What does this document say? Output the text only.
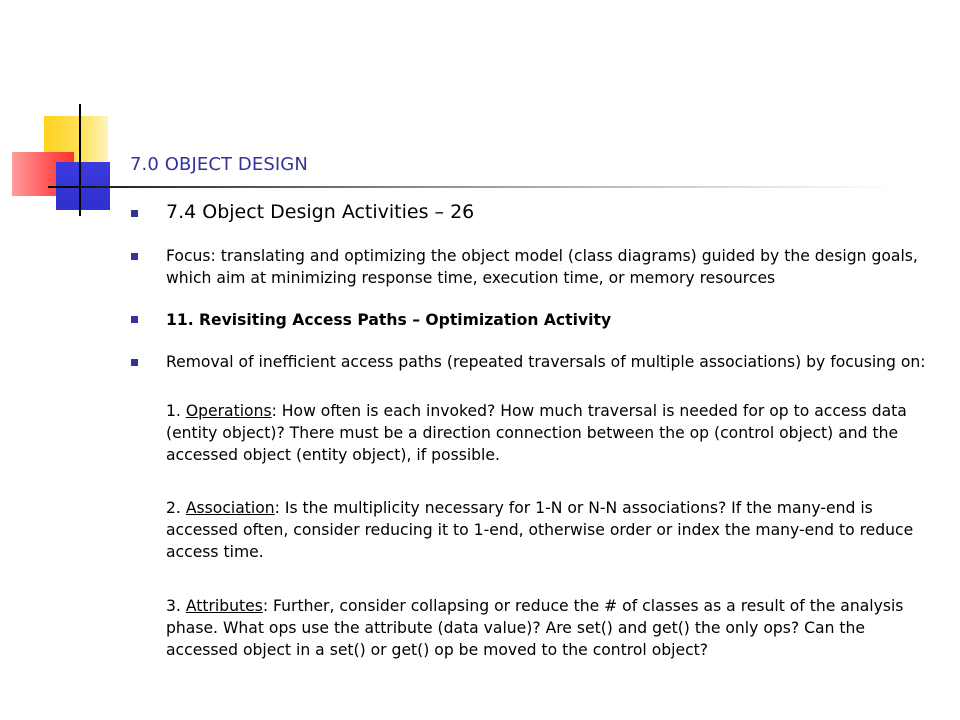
7.0 OBJECT DESIGN

7.4 Object Design Activities – 26

Focus: translating and optimizing the object model (class diagrams) guided by the design goals, which aim at minimizing response time, execution time, or memory resources

11. Revisiting Access Paths – Optimization Activity

Removal of inefficient access paths (repeated traversals of multiple associations) by focusing on:

1. Operations: How often is each invoked? How much traversal is needed for op to access data (entity object)? There must be a direction connection between the op (control object) and the accessed object (entity object), if possible.

2. Association: Is the multiplicity necessary for 1-N or N-N associations? If the many-end is accessed often, consider reducing it to 1-end, otherwise order or index the many-end to reduce access time.

3. Attributes: Further, consider collapsing or reduce the # of classes as a result of the analysis phase. What ops use the attribute (data value)? Are set() and get() the only ops? Can the accessed object in a set() or get() op be moved to the control object?
